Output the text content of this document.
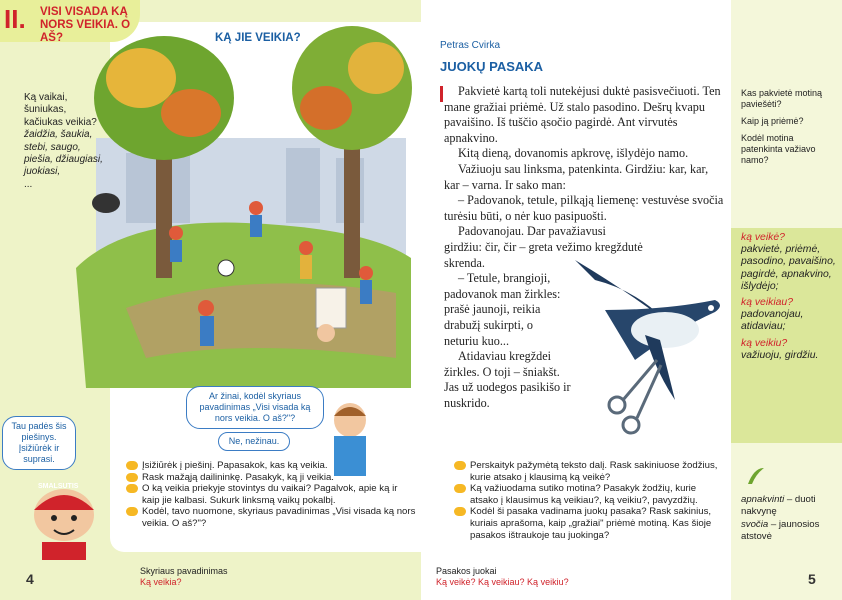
II. VISI VISADA KĄ NORS VEIKIA. O AŠ?	KĄ JIE VEIKIA?
Ką vaikai, šuniukas, kačiukas veikia?
žaidžia, šaukia, stebi, saugo, piešia, džiaugiasi, juokiasi,
...
Ar žinai, kodėl skyriaus pavadinimas „Visi visada ką nors veikia. O aš?"?
Ne, nežinau.
Tau padės šis piešinys. Įsižiūrėk ir suprasi.
SMALSUTIS
Įsižiūrėk į piešinį. Papasakok, kas ką veikia.
Rask mažąją dailininkę. Pasakyk, ką ji veikia.
O ką veikia priekyje stovintys du vaikai? Pagalvok, apie ką ir kaip jie kalbasi. Sukurk linksmą vaikų pokalbį.
Kodėl, tavo nuomone, skyriaus pavadinimas „Visi visada ką nors veikia. O aš?"?
4	Skyriaus pavadinimas
Ką veikia?
Petras Cvirka
JUOKŲ PASAKA

Pakvietė kartą toli nutekėjusi duktė pasisvečiuoti. Ten mane gražiai priėmė. Už stalo pasodino. Dešrų kvapu pavaišino. Iš tuščio ąsočio pagirdė. Ant virvutės apnakvino.

Kitą dieną, dovanomis apkrovę, išlydėjo namo.

Važiuoju sau linksma, patenkinta. Girdžiu: kar, kar, kar – varna. Ir sako man:

– Padovanok, tetule, pilkąją liemenę: vestuvėse svočia turėsiu būti, o nėr kuo pasipuošti.

Padovanojau. Dar pavažiavusi girdžiu: čir, čir – greta vežimo kregždutė skrenda.

– Tetule, brangioji, padovanok man žirkles: prašė jaunoji, reikia drabužį sukirpti, o neturiu kuo...

Atidaviau kregždei žirkles. O toji – šniakšt. Jas už uodegos pasikišo ir nuskrido.

Perskaityk pažymėtą teksto dalį. Rask sakiniuose žodžius, kurie atsako į klausimą ką veikė?
Ką važiuodama sutiko motina? Pasakyk žodžių, kurie atsako į klausimus ką veikiau?, ką veikiu?, pavyzdžių.
Kodėl ši pasaka vadinama juokų pasaka? Rask sakinius, kuriais aprašoma, kaip „gražiai" priėmė motiną. Kas šioje pasakos ištraukoje tau juokinga?

Kas pakvietė motiną paviešėti?

Kaip ją priėmė?

Kodėl motina patenkinta važiavo namo?

ką veikė?
pakvietė, priėmė, pasodino, pavaišino, pagirdė, apnakvino, išlydėjo;
ką veikiau?
padovanojau, atidaviau;
ką veikiu?
važiuoju, girdžiu.
apnakvinti – duoti nakvynę
svočia – jaunosios atstovė
Pasakos juokai
Ką veikė? Ką veikiau? Ką veikiu?	5
